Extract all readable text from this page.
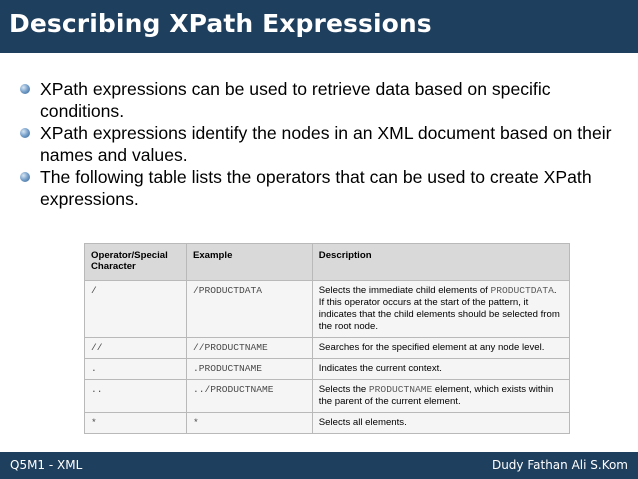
Describing XPath Expressions
XPath expressions can be used to retrieve data based on specific conditions.
XPath expressions identify the nodes in an XML document based on their names and values.
The following table lists the operators that can be used to create XPath expressions.
Operator/Special Character	Example	Description
/	/PRODUCTDATA	Selects the immediate child elements of PRODUCTDATA. If this operator occurs at the start of the pattern, it indicates that the child elements should be selected from the root node.
//	//PRODUCTNAME	Searches for the specified element at any node level.
.	.PRODUCTNAME	Indicates the current context.
..	../PRODUCTNAME	Selects the PRODUCTNAME element, which exists within the parent of the current element.
*	*	Selects all elements.
Q5M1 - XML	Dudy Fathan Ali S.Kom
